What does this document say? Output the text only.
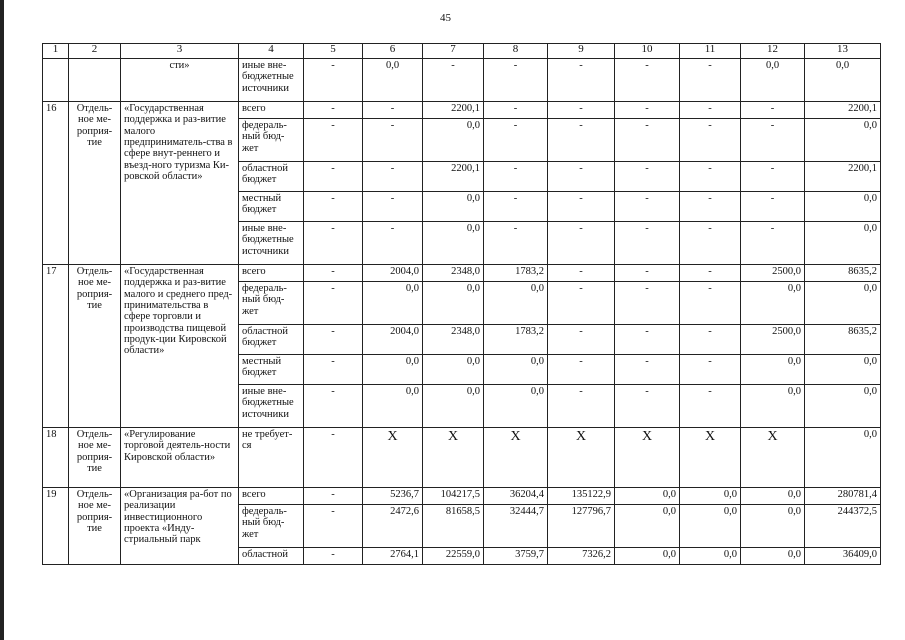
45
1	2	3	4	5	6	7	8	9	10	11	12	13
		сти»	иные вне-бюджетные источники	-	0,0	-	-	-	-	-	0,0	0,0
16	Отдель-ное ме-роприя-тие	«Государственная поддержка и раз-витие малого предприниматель-ства в сфере внут-реннего и въезд-ного туризма Ки-ровской области»	всего	-	-	2200,1	-	-	-	-	-	2200,1
			федераль-ный бюд-жет	-	-	0,0	-	-	-	-	-	0,0
			областной бюджет	-	-	2200,1	-	-	-	-	-	2200,1
			местный бюджет	-	-	0,0	-	-	-	-	-	0,0
			иные вне-бюджетные источники	-	-	0,0	-	-	-	-	-	0,0
17	Отдель-ное ме-роприя-тие	«Государственная поддержка и раз-витие малого и среднего пред-принимательства в сфере торговли и производства пищевой продук-ции Кировской области»	всего	-	2004,0	2348,0	1783,2	-	-	-	2500,0	8635,2
			федераль-ный бюд-жет	-	0,0	0,0	0,0	-	-	-	0,0	0,0
			областной бюджет	-	2004,0	2348,0	1783,2	-	-	-	2500,0	8635,2
			местный бюджет	-	0,0	0,0	0,0	-	-	-	0,0	0,0
			иные вне-бюджетные источники	-	0,0	0,0	0,0	-	-	-	0,0	0,0
18	Отдель-ное ме-роприя-тие	«Регулирование торговой деятель-ности Кировской области»	не требует-ся	-	X	X	X	X	X	X	X	0,0
19	Отдель-ное ме-роприя-тие	«Организация ра-бот по реализации инвестиционного проекта «Инду-стриальный парк	всего	-	5236,7	104217,5	36204,4	135122,9	0,0	0,0	0,0	280781,4
			федераль-ный бюд-жет	-	2472,6	81658,5	32444,7	127796,7	0,0	0,0	0,0	244372,5
			областной	-	2764,1	22559,0	3759,7	7326,2	0,0	0,0	0,0	36409,0
